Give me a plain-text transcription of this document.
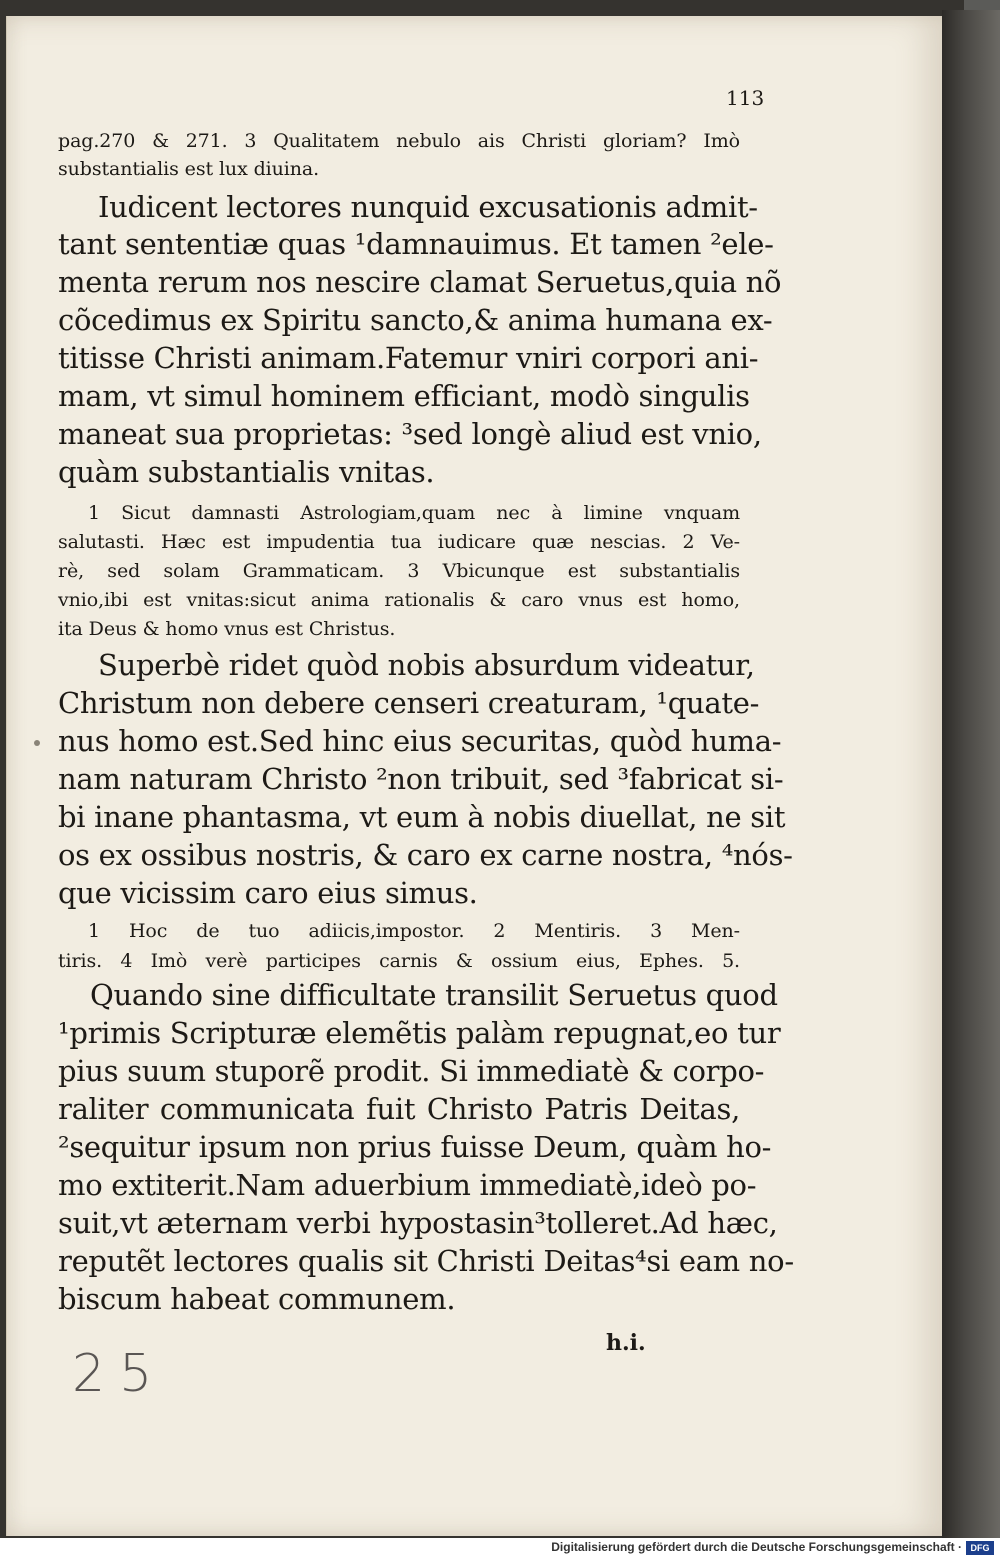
113
pag.270 & 271. 3 Qualitatem nebulo ais Christi gloriam? Imò
substantialis est lux diuina.
Iudicent lectores nunquid excusationis admit-
tant sententiæ quas ¹damnauimus. Et tamen ²ele-
menta rerum nos nescire clamat Seruetus,quia nõ
cõcedimus ex Spiritu sancto,& anima humana ex-
titisse Christi animam.Fatemur vniri corpori ani-
mam, vt simul hominem efficiant, modò singulis
maneat sua proprietas: ³sed longè aliud est vnio,
quàm substantialis vnitas.
1 Sicut damnasti Astrologiam,quam nec à limine vnquam
salutasti. Hæc est impudentia tua iudicare quæ nescias. 2 Ve-
rè, sed solam Grammaticam. 3 Vbicunque est substantialis
vnio,ibi est vnitas:sicut anima rationalis & caro vnus est homo,
ita Deus & homo vnus est Christus.
Superbè ridet quòd nobis absurdum videatur,
Christum non debere censeri creaturam, ¹quate-
nus homo est.Sed hinc eius securitas, quòd huma-
nam naturam Christo ²non tribuit, sed ³fabricat si-
bi inane phantasma, vt eum à nobis diuellat, ne sit
os ex ossibus nostris, & caro ex carne nostra, ⁴nós-
que vicissim caro eius simus.
1 Hoc de tuo adiicis,impostor. 2 Mentiris. 3 Men-
tiris. 4 Imò verè participes carnis & ossium eius, Ephes. 5.
Quando sine difficultate transilit Seruetus quod
¹primis Scripturæ elemẽtis palàm repugnat,eo tur
pius suum stuporẽ prodit. Si immediatè & corpo-
raliter communicata fuit Christo Patris Deitas,
²sequitur ipsum non prius fuisse Deum, quàm ho-
mo extiterit.Nam aduerbium immediatè,ideò po-
suit,vt æternam verbi hypostasin³tolleret.Ad hæc,
reputẽt lectores qualis sit Christi Deitas⁴si eam no-
biscum habeat communem.
h.i.
25
Digitalisierung gefördert durch die Deutsche Forschungsgemeinschaft · DFG
